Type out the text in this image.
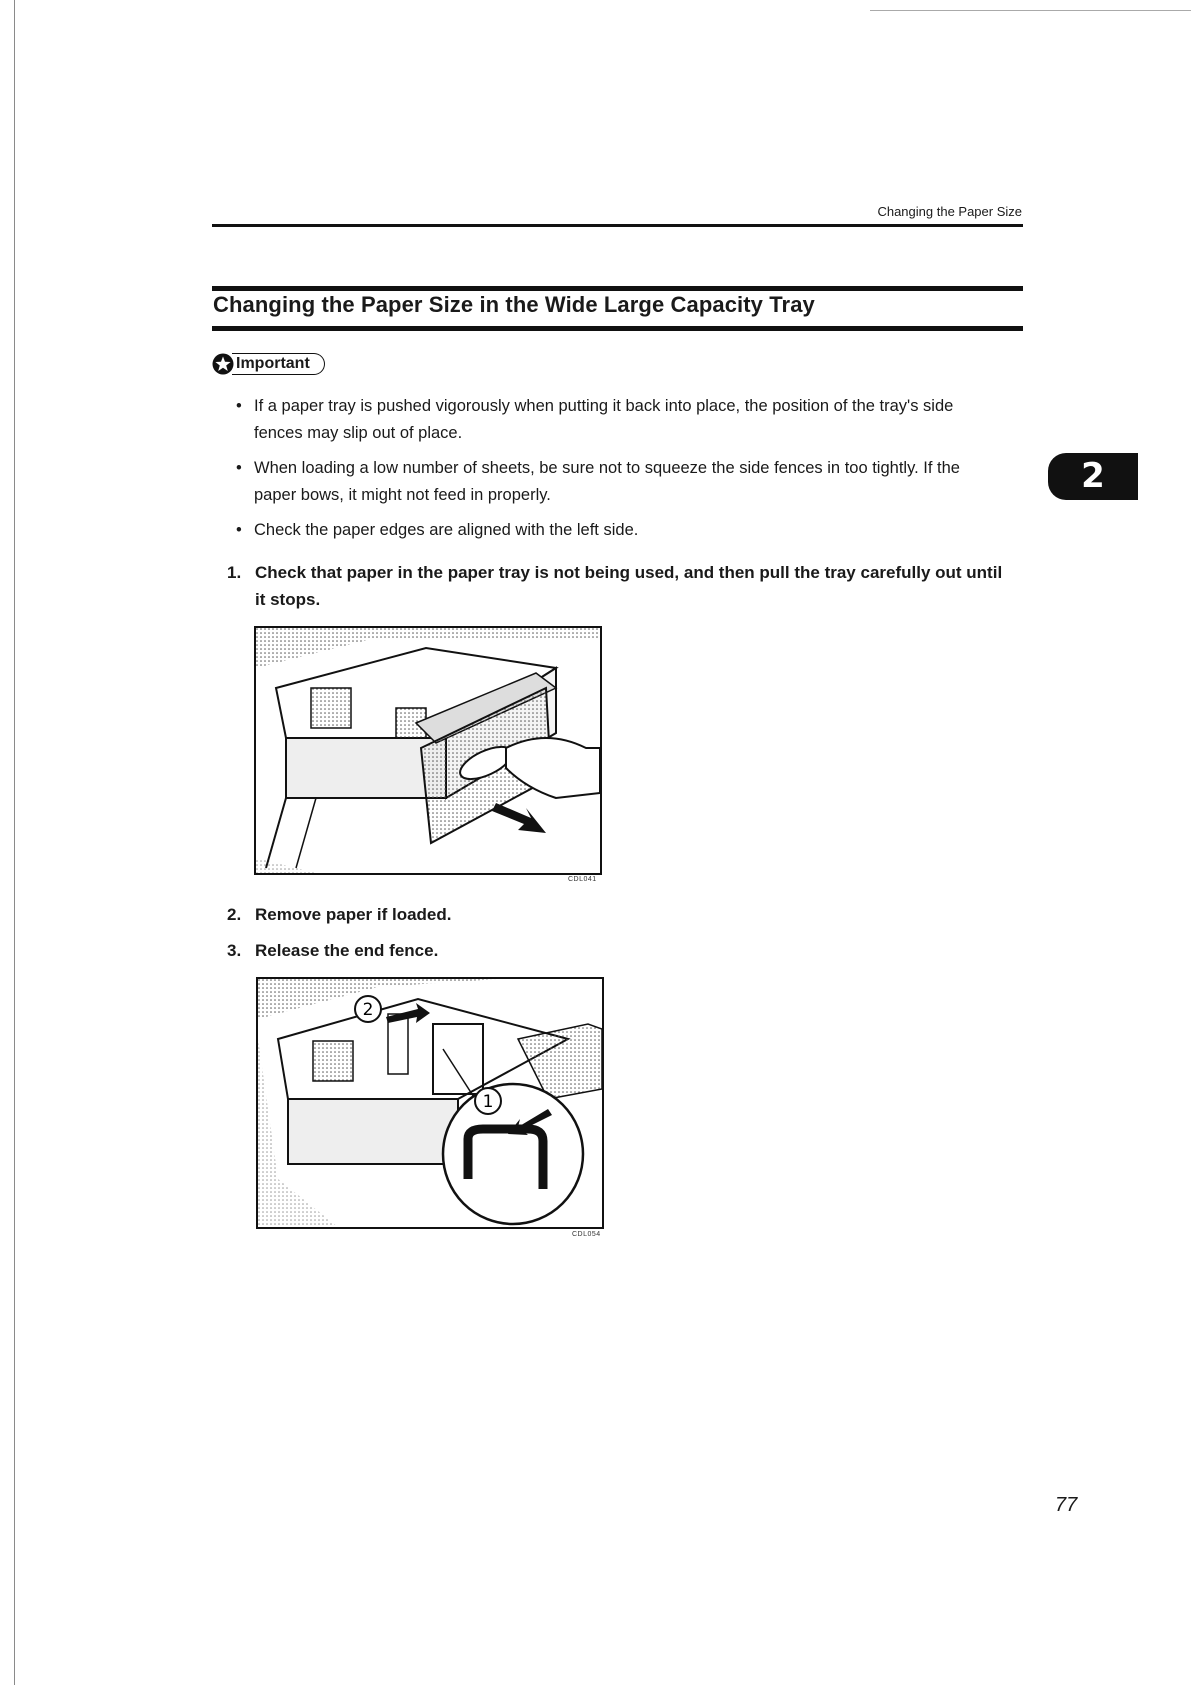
Changing the Paper Size
Changing the Paper Size in the Wide Large Capacity Tray
Important
• If a paper tray is pushed vigorously when putting it back into place, the position of the tray's side fences may slip out of place.
• When loading a low number of sheets, be sure not to squeeze the side fences in too tightly. If the paper bows, it might not feed in properly.
• Check the paper edges are aligned with the left side.
1. Check that paper in the paper tray is not being used, and then pull the tray carefully out until it stops.
CDL041
2. Remove paper if loaded.
3. Release the end fence.
2
1
CDL054
2
77
